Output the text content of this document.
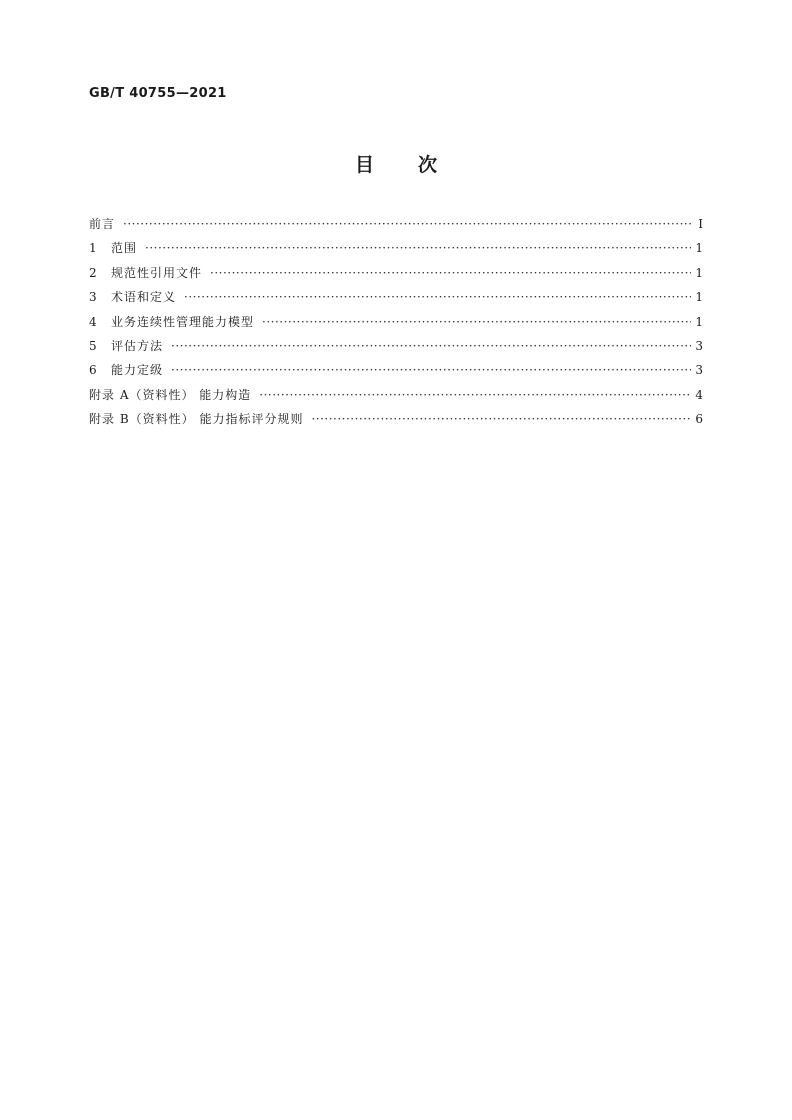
GB/T 40755—2021
目次
前言 ·····	Ⅰ
1	范围 ·····	1
2	规范性引用文件 ·····	1
3	术语和定义 ·····	1
4	业务连续性管理能力模型 ·····	1
5	评估方法 ·····	3
6	能力定级 ·····	3
附录 A（资料性） 能力构造 ·····	4
附录 B（资料性） 能力指标评分规则 ·····	6
